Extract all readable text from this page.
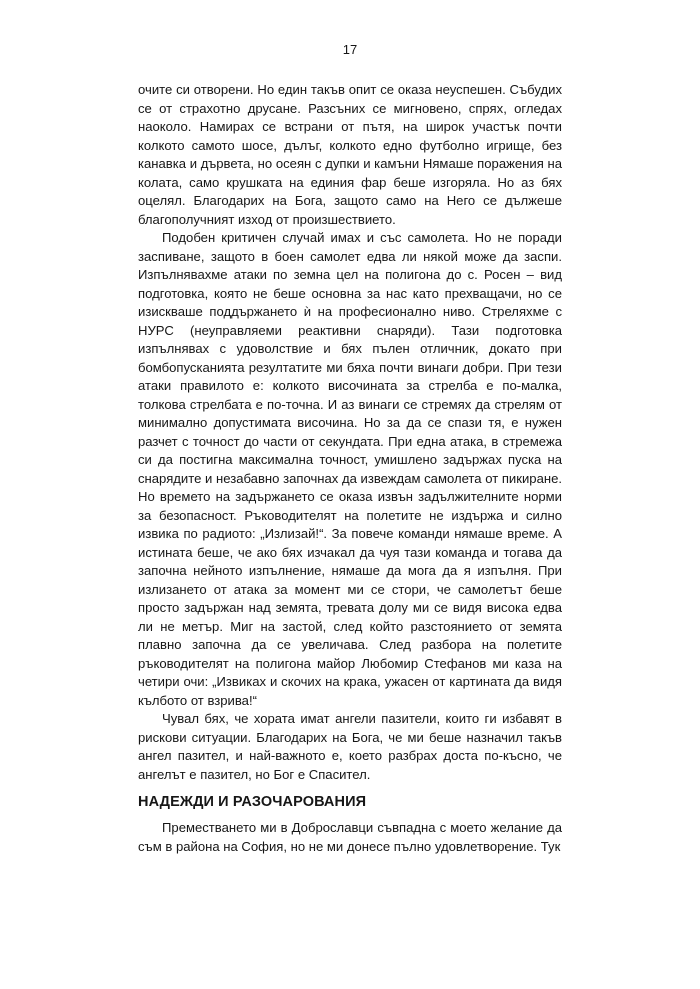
17

очите си отворени. Но един такъв опит се оказа неуспешен. Събудих се от страхотно друсане. Разсъних се мигновено, спрях, огледах наоколо. Намирах се встрани от пътя, на широк участък почти колкото самото шосе, дълъг, колкото едно футболно игрище, без канавка и дървета, но осеян с дупки и камъни Нямаше поражения на колата, само крушката на единия фар беше изгоряла. Но аз бях оцелял. Благодарих на Бога, защото само на Него се дължеше благополучният изход от произшествието.

Подобен критичен случай имах и със самолета. Но не поради заспиване, защото в боен самолет едва ли някой може да заспи. Изпълнявахме атаки по земна цел на полигона до с. Росен – вид подготовка, която не беше основна за нас като прехващачи, но се изискваше поддържането ѝ на професионално ниво. Стреляхме с НУРС (неуправляеми реактивни снаряди). Тази подготовка изпълнявах с удоволствие и бях пълен отличник, докато при бомбопусканията резултатите ми бяха почти винаги добри. При тези атаки правилото е: колкото височината за стрелба е по-малка, толкова стрелбата е по-точна. И аз винаги се стремях да стрелям от минимално допустимата височина. Но за да се спази тя, е нужен разчет с точност до части от секундата. При една атака, в стремежа си да постигна максимална точност, умишлено задържах пуска на снарядите и незабавно започнах да извеждам самолета от пикиране. Но времето на задържането се оказа извън задължителните норми за безопасност. Ръководителят на полетите не издържа и силно извика по радиото: „Излизай!“. За повече команди нямаше време. А истината беше, че ако бях изчакал да чуя тази команда и тогава да започна нейното изпълнение, нямаше да мога да я изпълня. При излизането от атака за момент ми се стори, че самолетът беше просто задържан над земята, тревата долу ми се видя висока едва ли не метър. Миг на застой, след който разстоянието от земята плавно започна да се увеличава. След разбора на полетите ръководителят на полигона майор Любомир Стефанов ми каза на четири очи: „Извиках и скочих на крака, ужасен от картината да видя кълбото от взрива!“

Чувал бях, че хората имат ангели пазители, които ги избавят в рискови ситуации. Благодарих на Бога, че ми беше назначил такъв ангел пазител, и най-важното е, което разбрах доста по-късно, че ангелът е пазител, но Бог е Спасител.

НАДЕЖДИ И РАЗОЧАРОВАНИЯ

Преместването ми в Доброславци съвпадна с моето желание да съм в района на София, но не ми донесе пълно удовлетворение. Тук
